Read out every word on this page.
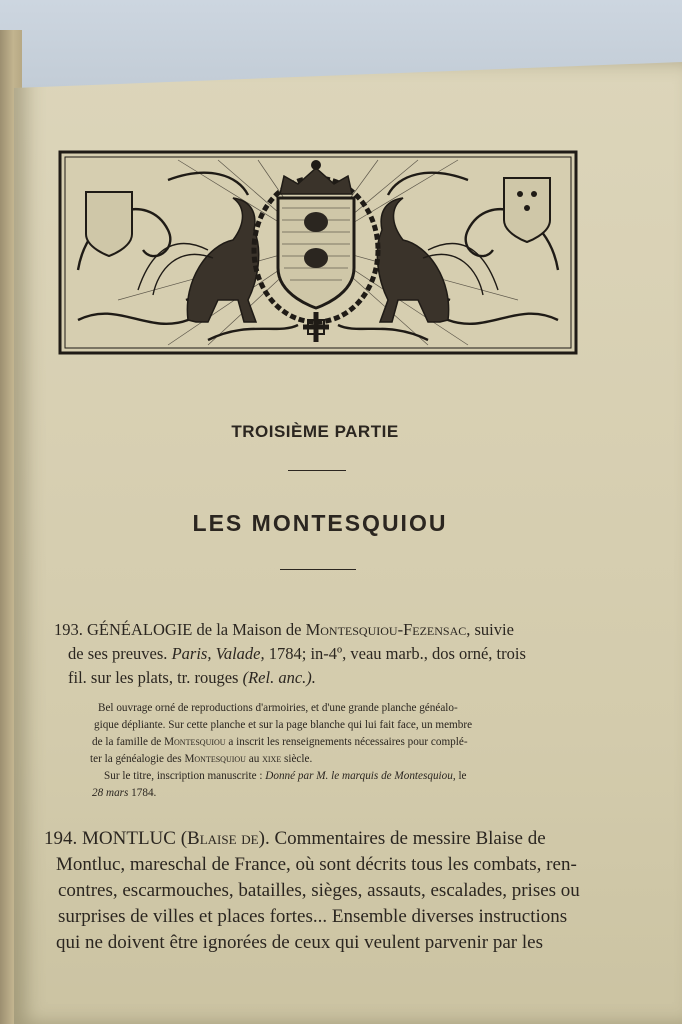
TROISIÈME PARTIE
LES MONTESQUIOU
193. GÉNÉALOGIE de la Maison de Montesquiou-Fezensac, suivie
de ses preuves. Paris, Valade, 1784; in-4º, veau marb., dos orné, trois
fil. sur les plats, tr. rouges (Rel. anc.).
Bel ouvrage orné de reproductions d'armoiries, et d'une grande planche généalo-
gique dépliante. Sur cette planche et sur la page blanche qui lui fait face, un membre
de la famille de Montesquiou a inscrit les renseignements nécessaires pour complé-
ter la généalogie des Montesquiou au xixe siècle.
Sur le titre, inscription manuscrite : Donné par M. le marquis de Montesquiou, le
28 mars 1784.
194. MONTLUC (Blaise de). Commentaires de messire Blaise de
Montluc, mareschal de France, où sont décrits tous les combats, ren-
contres, escarmouches, batailles, sièges, assauts, escalades, prises ou
surprises de villes et places fortes... Ensemble diverses instructions
qui ne doivent être ignorées de ceux qui veulent parvenir par les
